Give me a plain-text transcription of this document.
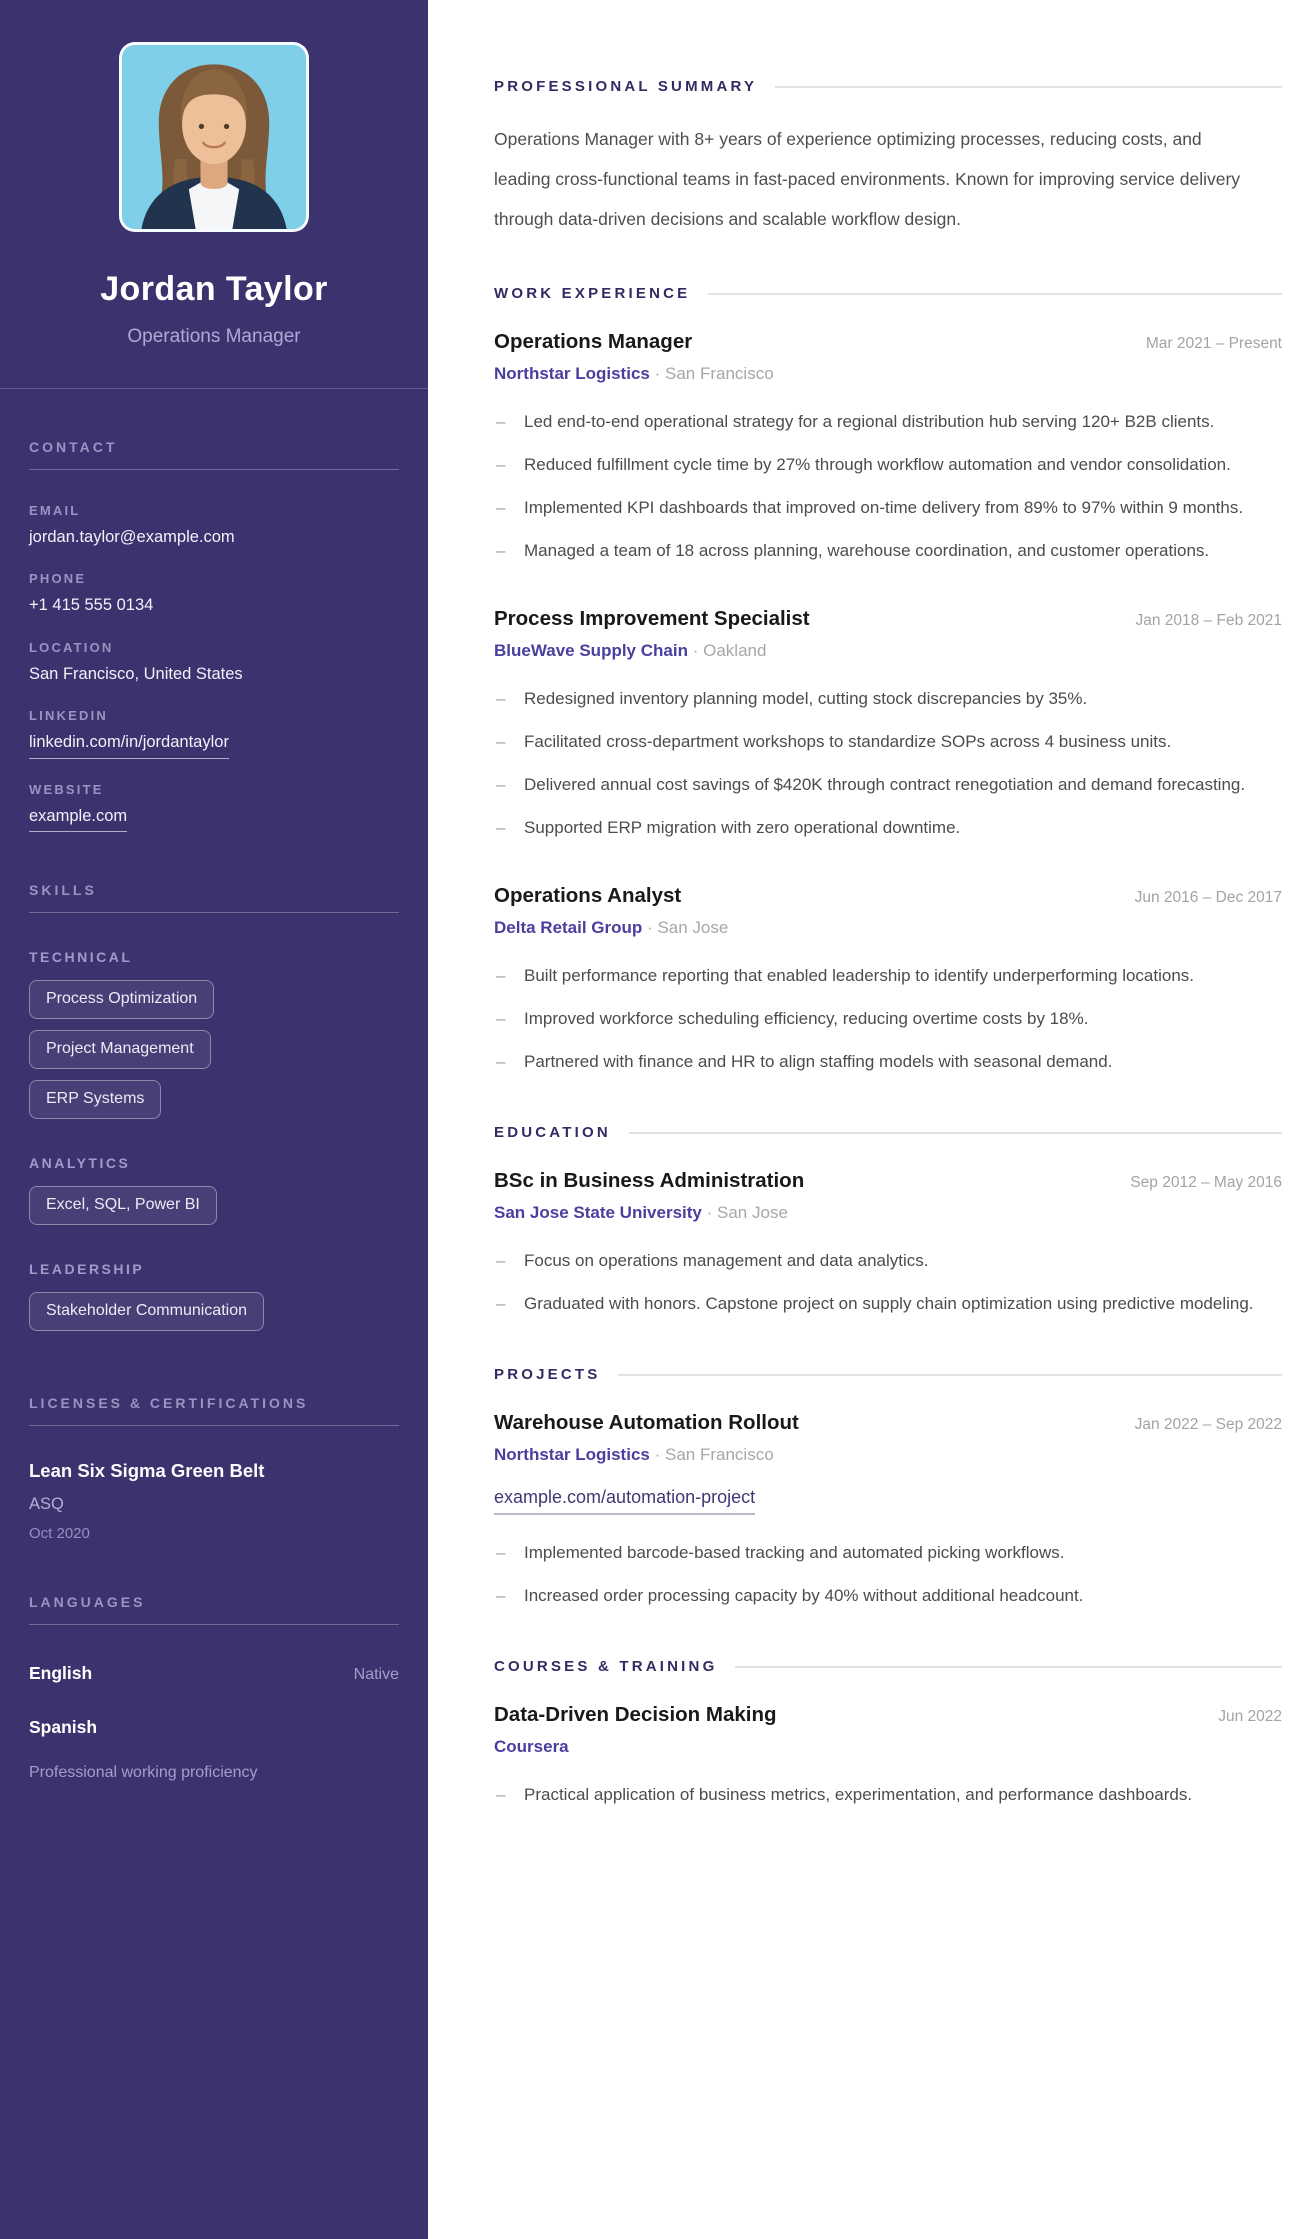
Jordan Taylor

Operations Manager

CONTACT
EMAIL
jordan.taylor@example.com
PHONE
+1 415 555 0134
LOCATION
San Francisco, United States
LINKEDIN
linkedin.com/in/jordantaylor
WEBSITE
example.com
SKILLS
TECHNICAL
Process Optimization
Project Management
ERP Systems
ANALYTICS
Excel, SQL, Power BI
LEADERSHIP
Stakeholder Communication
LICENSES & CERTIFICATIONS
Lean Six Sigma Green Belt
ASQ
Oct 2020
LANGUAGES
English	Native
Spanish
Professional working proficiency
PROFESSIONAL SUMMARY

Operations Manager with 8+ years of experience optimizing processes, reducing costs, and leading cross-functional teams in fast-paced environments. Known for improving service delivery through data-driven decisions and scalable workflow design.

WORK EXPERIENCE
Operations Manager	Mar 2021 – Present
Northstar Logistics · San Francisco
– Led end-to-end operational strategy for a regional distribution hub serving 120+ B2B clients.
– Reduced fulfillment cycle time by 27% through workflow automation and vendor consolidation.
– Implemented KPI dashboards that improved on-time delivery from 89% to 97% within 9 months.
– Managed a team of 18 across planning, warehouse coordination, and customer operations.
Process Improvement Specialist	Jan 2018 – Feb 2021
BlueWave Supply Chain · Oakland
– Redesigned inventory planning model, cutting stock discrepancies by 35%.
– Facilitated cross-department workshops to standardize SOPs across 4 business units.
– Delivered annual cost savings of $420K through contract renegotiation and demand forecasting.
– Supported ERP migration with zero operational downtime.
Operations Analyst	Jun 2016 – Dec 2017
Delta Retail Group · San Jose
– Built performance reporting that enabled leadership to identify underperforming locations.
– Improved workforce scheduling efficiency, reducing overtime costs by 18%.
– Partnered with finance and HR to align staffing models with seasonal demand.
EDUCATION
BSc in Business Administration	Sep 2012 – May 2016
San Jose State University · San Jose
– Focus on operations management and data analytics.
– Graduated with honors. Capstone project on supply chain optimization using predictive modeling.
PROJECTS
Warehouse Automation Rollout	Jan 2022 – Sep 2022
Northstar Logistics · San Francisco
example.com/automation-project
– Implemented barcode-based tracking and automated picking workflows.
– Increased order processing capacity by 40% without additional headcount.
COURSES & TRAINING
Data-Driven Decision Making	Jun 2022
Coursera
– Practical application of business metrics, experimentation, and performance dashboards.
